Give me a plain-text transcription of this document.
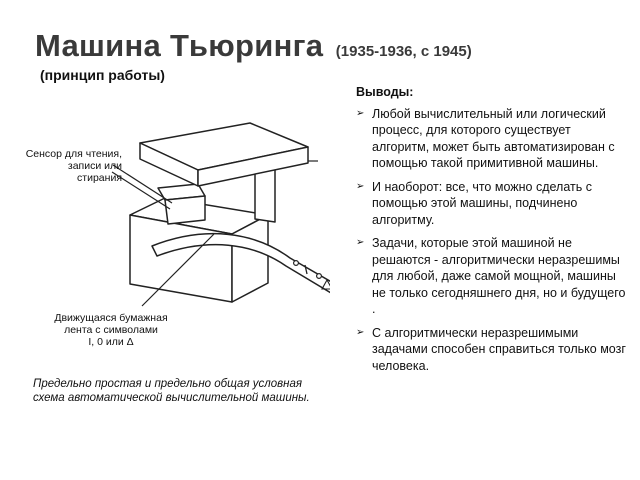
Машина Тьюринга (1935-1936, с 1945)
(принцип работы)
Сенсор для чтения, записи или стирания
Движущаяся бумажная
лента с символами
I, 0 или Δ
Предельно простая и предельно общая условная схема автоматической вычислительной машины.
Выводы:
➢ Любой вычислительный или логический процесс, для которого существует алгоритм, может быть автоматизирован с помощью такой примитивной машины.
➢ И наоборот: все, что можно сделать с помощью этой машины, подчинено алгоритму.
➢ Задачи, которые этой машиной не решаются - алгоритмически неразрешимы для любой, даже самой мощной, машины не только сегодняшнего дня, но и будущего .
➢ С алгоритмически неразрешимыми задачами способен справиться только мозг человека.
